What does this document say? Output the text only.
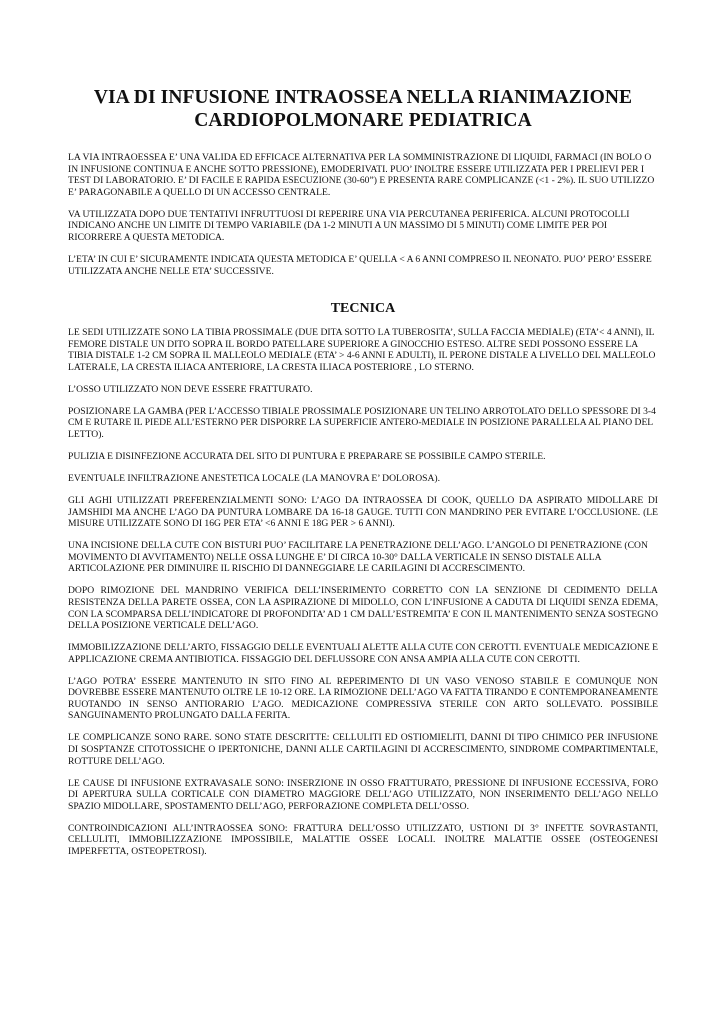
VIA DI INFUSIONE INTRAOSSEA NELLA RIANIMAZIONE
CARDIOPOLMONARE PEDIATRICA

LA VIA INTRAOESSEA E’ UNA VALIDA ED EFFICACE ALTERNATIVA PER LA SOMMINISTRAZIONE DI LIQUIDI, FARMACI (IN BOLO O IN INFUSIONE CONTINUA E ANCHE SOTTO PRESSIONE), EMODERIVATI. PUO’ INOLTRE ESSERE UTILIZZATA PER I PRELIEVI PER I TEST DI LABORATORIO. E’ DI FACILE E RAPIDA ESECUZIONE (30-60”) E PRESENTA RARE COMPLICANZE (<1 - 2%). IL SUO UTILIZZO E’ PARAGONABILE A QUELLO DI UN ACCESSO CENTRALE.

VA UTILIZZATA DOPO DUE TENTATIVI INFRUTTUOSI DI REPERIRE UNA VIA PERCUTANEA PERIFERICA. ALCUNI PROTOCOLLI INDICANO ANCHE UN LIMITE DI TEMPO VARIABILE (DA 1-2 MINUTI A UN MASSIMO DI 5 MINUTI) COME LIMITE PER POI RICORRERE A QUESTA METODICA.

L’ETA’ IN CUI E’ SICURAMENTE INDICATA QUESTA METODICA E’ QUELLA < A 6 ANNI COMPRESO IL NEONATO. PUO’ PERO’ ESSERE UTILIZZATA ANCHE NELLE ETA’ SUCCESSIVE.

TECNICA

LE SEDI UTILIZZATE SONO LA TIBIA PROSSIMALE (DUE DITA SOTTO LA TUBEROSITA’, SULLA FACCIA MEDIALE) (ETA’< 4 ANNI), IL FEMORE DISTALE UN DITO SOPRA IL BORDO PATELLARE SUPERIORE A GINOCCHIO ESTESO. ALTRE SEDI POSSONO ESSERE LA TIBIA DISTALE 1-2 CM SOPRA IL MALLEOLO MEDIALE (ETA’ > 4-6 ANNI E ADULTI), IL PERONE DISTALE A LIVELLO DEL MALLEOLO LATERALE, LA CRESTA ILIACA ANTERIORE, LA CRESTA ILIACA POSTERIORE , LO STERNO.

L’OSSO UTILIZZATO NON DEVE ESSERE FRATTURATO.

POSIZIONARE LA GAMBA (PER L’ACCESSO TIBIALE PROSSIMALE POSIZIONARE UN TELINO ARROTOLATO DELLO SPESSORE DI 3-4 CM E RUTARE IL PIEDE ALL’ESTERNO PER DISPORRE LA SUPERFICIE ANTERO-MEDIALE IN POSIZIONE PARALLELA AL PIANO DEL LETTO).

PULIZIA E DISINFEZIONE ACCURATA DEL SITO DI PUNTURA E PREPARARE SE POSSIBILE CAMPO STERILE.

EVENTUALE INFILTRAZIONE ANESTETICA LOCALE (LA MANOVRA E’ DOLOROSA).

GLI AGHI UTILIZZATI PREFERENZIALMENTI SONO: L’AGO DA INTRAOSSEA DI COOK, QUELLO DA ASPIRATO MIDOLLARE DI JAMSHIDI MA ANCHE L’AGO DA PUNTURA LOMBARE DA 16-18 GAUGE. TUTTI CON MANDRINO PER EVITARE L’OCCLUSIONE. (LE MISURE UTILIZZATE SONO DI 16G PER ETA’ <6 ANNI E 18G PER > 6 ANNI).

UNA INCISIONE DELLA CUTE CON BISTURI PUO’ FACILITARE LA PENETRAZIONE DELL’AGO. L’ANGOLO DI PENETRAZIONE (CON MOVIMENTO DI AVVITAMENTO) NELLE OSSA LUNGHE E’ DI CIRCA 10-30° DALLA VERTICALE IN SENSO DISTALE ALLA ARTICOLAZIONE PER DIMINUIRE IL RISCHIO DI DANNEGGIARE LE CARILAGINI DI ACCRESCIMENTO.

DOPO RIMOZIONE DEL MANDRINO VERIFICA DELL’INSERIMENTO CORRETTO CON LA SENZIONE DI CEDIMENTO DELLA RESISTENZA DELLA PARETE OSSEA, CON LA ASPIRAZIONE DI MIDOLLO, CON L’INFUSIONE A CADUTA DI LIQUIDI SENZA EDEMA, CON LA SCOMPARSA DELL’INDICATORE DI PROFONDITA’ AD 1 CM DALL’ESTREMITA’ E CON IL MANTENIMENTO SENZA SOSTEGNO DELLA POSIZIONE VERTICALE DELL’AGO.

IMMOBILIZZAZIONE DELL’ARTO, FISSAGGIO DELLE EVENTUALI ALETTE ALLA CUTE CON CEROTTI. EVENTUALE MEDICAZIONE E APPLICAZIONE CREMA ANTIBIOTICA. FISSAGGIO DEL DEFLUSSORE CON ANSA AMPIA ALLA CUTE CON CEROTTI.

L’AGO POTRA’ ESSERE MANTENUTO IN SITO FINO AL REPERIMENTO DI UN VASO VENOSO STABILE E COMUNQUE NON DOVREBBE ESSERE MANTENUTO OLTRE LE 10-12 ORE. LA RIMOZIONE DELL’AGO VA FATTA TIRANDO E CONTEMPORANEAMENTE RUOTANDO IN SENSO ANTIORARIO L’AGO. MEDICAZIONE COMPRESSIVA STERILE CON ARTO SOLLEVATO. POSSIBILE SANGUINAMENTO PROLUNGATO DALLA FERITA.

LE COMPLICANZE SONO RARE. SONO STATE DESCRITTE: CELLULITI ED OSTIOMIELITI, DANNI DI TIPO CHIMICO PER INFUSIONE DI SOSPTANZE CITOTOSSICHE O IPERTONICHE, DANNI ALLE CARTILAGINI DI ACCRESCIMENTO, SINDROME COMPARTIMENTALE, ROTTURE DELL’AGO.

LE CAUSE DI INFUSIONE EXTRAVASALE SONO: INSERZIONE IN OSSO FRATTURATO, PRESSIONE DI INFUSIONE ECCESSIVA, FORO DI APERTURA SULLA CORTICALE CON DIAMETRO MAGGIORE DELL’AGO UTILIZZATO, NON INSERIMENTO DELL’AGO NELLO SPAZIO MIDOLLARE, SPOSTAMENTO DELL’AGO, PERFORAZIONE COMPLETA DELL’OSSO.

CONTROINDICAZIONI ALL’INTRAOSSEA SONO: FRATTURA DELL’OSSO UTILIZZATO, USTIONI DI 3° INFETTE SOVRASTANTI, CELLULITI, IMMOBILIZZAZIONE IMPOSSIBILE, MALATTIE OSSEE LOCALI. INOLTRE MALATTIE OSSEE (OSTEOGENESI IMPERFETTA, OSTEOPETROSI).
